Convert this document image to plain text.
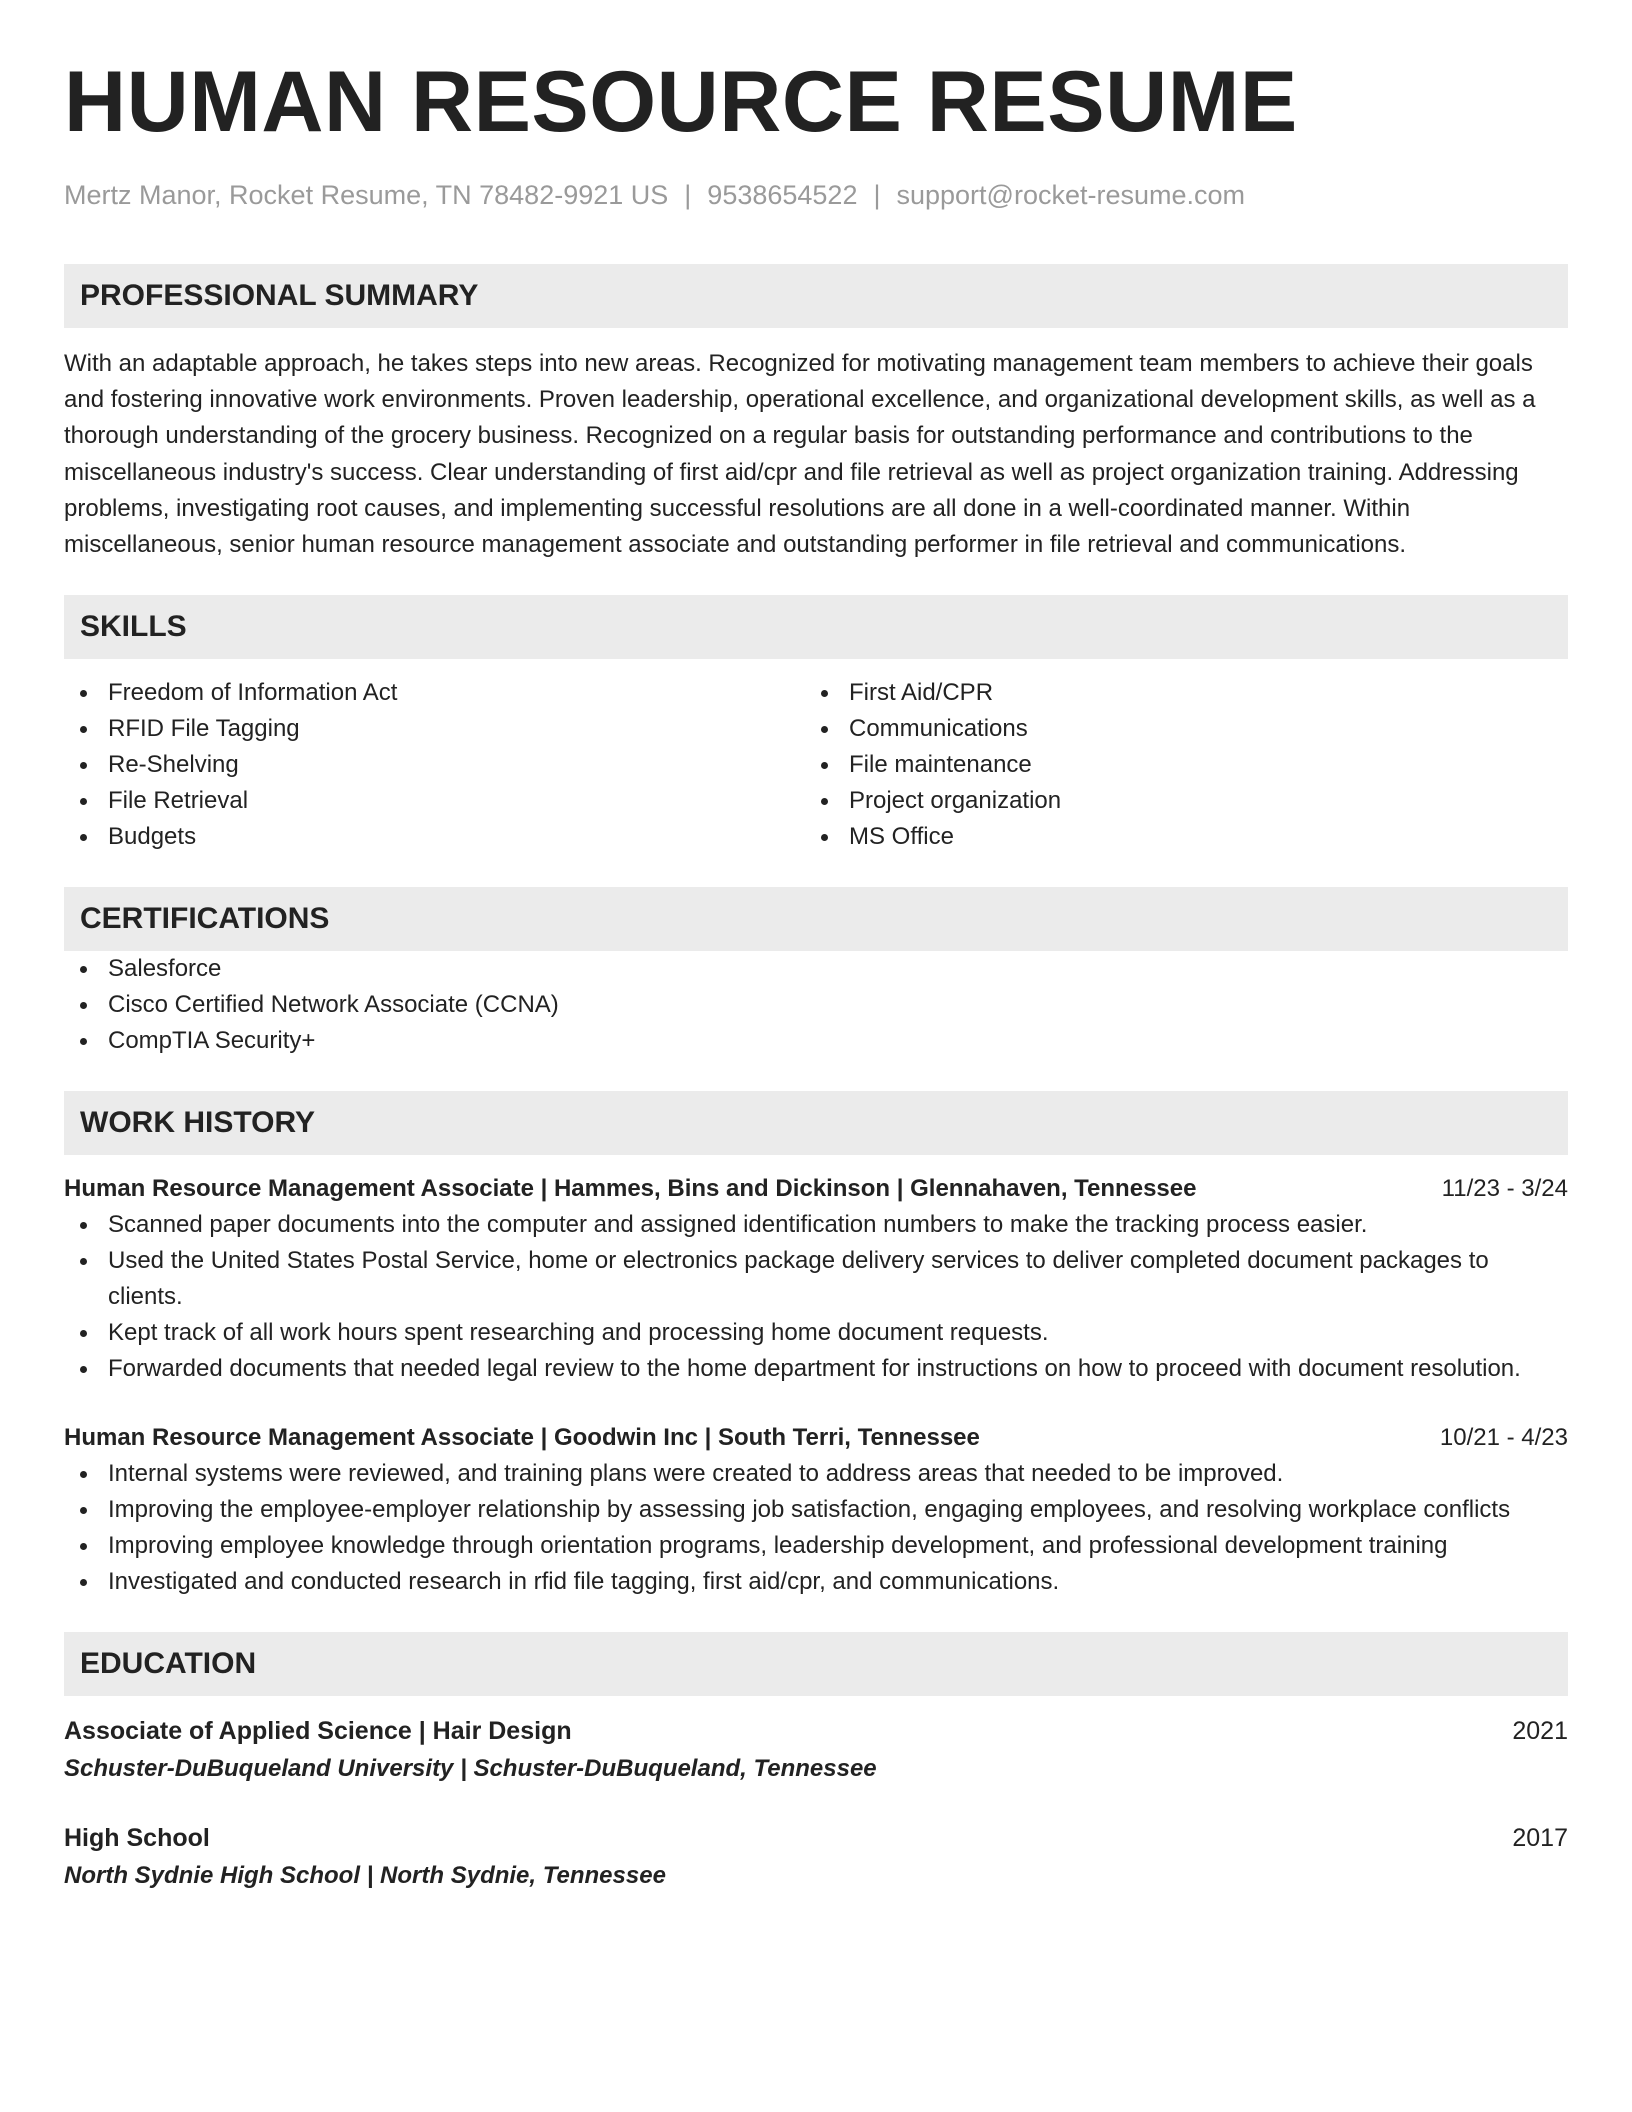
HUMAN RESOURCE RESUME
Mertz Manor, Rocket Resume, TN 78482-9921 US | 9538654522 | support@rocket-resume.com
PROFESSIONAL SUMMARY
With an adaptable approach, he takes steps into new areas. Recognized for motivating management team members to achieve their goals and fostering innovative work environments. Proven leadership, operational excellence, and organizational development skills, as well as a thorough understanding of the grocery business. Recognized on a regular basis for outstanding performance and contributions to the miscellaneous industry's success. Clear understanding of first aid/cpr and file retrieval as well as project organization training. Addressing problems, investigating root causes, and implementing successful resolutions are all done in a well-coordinated manner. Within miscellaneous, senior human resource management associate and outstanding performer in file retrieval and communications.
SKILLS
Freedom of Information Act
RFID File Tagging
Re-Shelving
File Retrieval
Budgets
First Aid/CPR
Communications
File maintenance
Project organization
MS Office
CERTIFICATIONS
Salesforce
Cisco Certified Network Associate (CCNA)
CompTIA Security+
WORK HISTORY
Human Resource Management Associate | Hammes, Bins and Dickinson | Glennahaven, Tennessee	11/23 - 3/24
Scanned paper documents into the computer and assigned identification numbers to make the tracking process easier.
Used the United States Postal Service, home or electronics package delivery services to deliver completed document packages to clients.
Kept track of all work hours spent researching and processing home document requests.
Forwarded documents that needed legal review to the home department for instructions on how to proceed with document resolution.
Human Resource Management Associate | Goodwin Inc | South Terri, Tennessee	10/21 - 4/23
Internal systems were reviewed, and training plans were created to address areas that needed to be improved.
Improving the employee-employer relationship by assessing job satisfaction, engaging employees, and resolving workplace conflicts
Improving employee knowledge through orientation programs, leadership development, and professional development training
Investigated and conducted research in rfid file tagging, first aid/cpr, and communications.
EDUCATION
Associate of Applied Science | Hair Design	2021
Schuster-DuBuqueland University | Schuster-DuBuqueland, Tennessee
High School	2017
North Sydnie High School | North Sydnie, Tennessee
